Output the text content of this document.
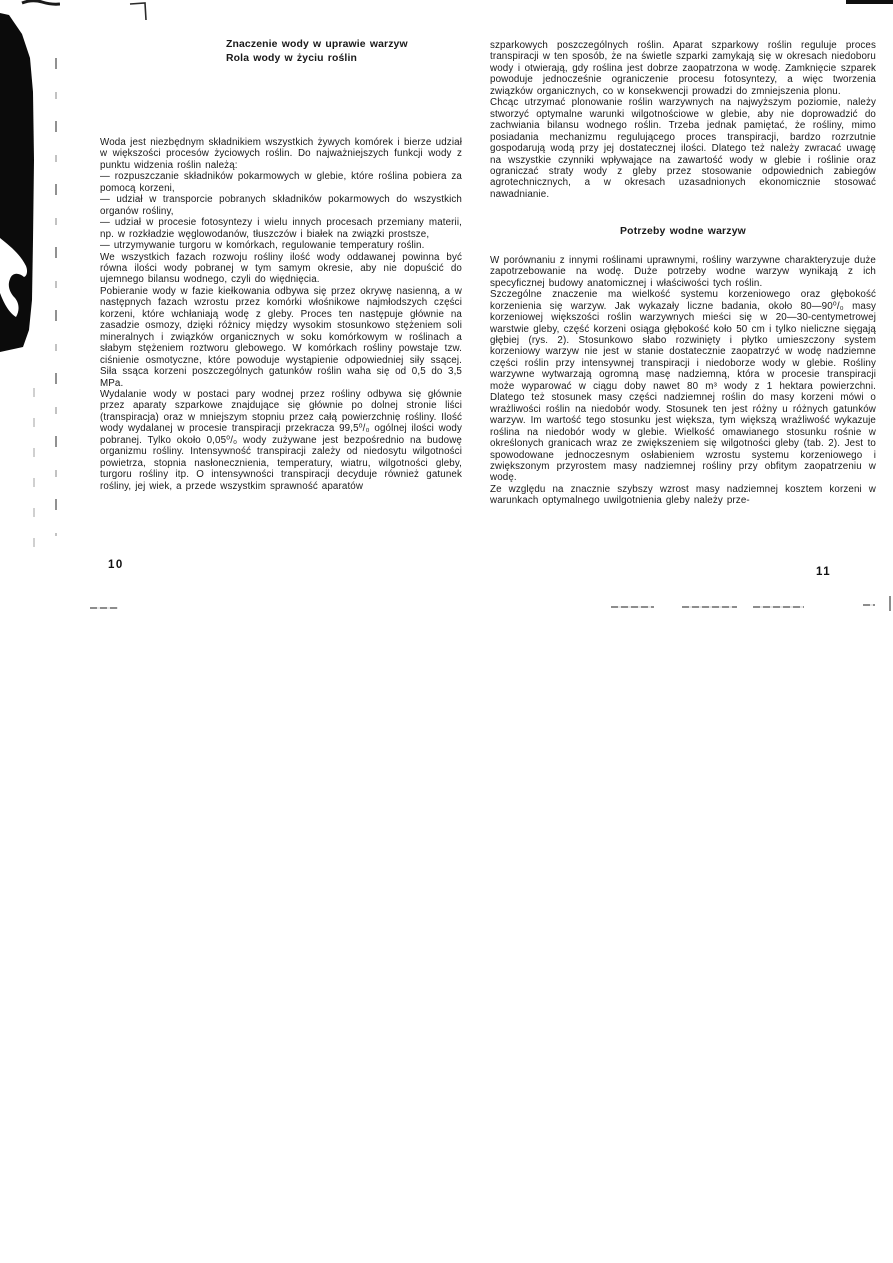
Znaczenie wody w uprawie warzyw
Rola wody w życiu roślin

Woda jest niezbędnym składnikiem wszystkich żywych komórek i bierze udział w większości procesów życiowych roślin. Do najważniejszych funkcji wody z punktu widzenia roślin należą:

— rozpuszczanie składników pokarmowych w glebie, które roślina pobiera za pomocą korzeni,

— udział w transporcie pobranych składników pokarmowych do wszystkich organów rośliny,

— udział w procesie fotosyntezy i wielu innych procesach przemiany materii, np. w rozkładzie węglowodanów, tłuszczów i białek na związki prostsze,

— utrzymywanie turgoru w komórkach, regulowanie temperatury roślin.

We wszystkich fazach rozwoju rośliny ilość wody oddawanej powinna być równa ilości wody pobranej w tym samym okresie, aby nie dopuścić do ujemnego bilansu wodnego, czyli do więdnięcia.

Pobieranie wody w fazie kiełkowania odbywa się przez okrywę nasienną, a w następnych fazach wzrostu przez komórki włośnikowe najmłodszych części korzeni, które wchłaniają wodę z gleby. Proces ten następuje głównie na zasadzie osmozy, dzięki różnicy między wysokim stosunkowo stężeniem soli mineralnych i związków organicznych w soku komórkowym w roślinach a słabym stężeniem roztworu glebowego. W komórkach rośliny powstaje tzw. ciśnienie osmotyczne, które powoduje wystąpienie odpowiedniej siły ssącej. Siła ssąca korzeni poszczególnych gatunków roślin waha się od 0,5 do 3,5 MPa.

Wydalanie wody w postaci pary wodnej przez rośliny odbywa się głównie przez aparaty szparkowe znajdujące się głównie po dolnej stronie liści (transpiracja) oraz w mniejszym stopniu przez całą powierzchnię rośliny. Ilość wody wydalanej w procesie transpiracji przekracza 99,5⁰/₀ ogólnej ilości wody pobranej. Tylko około 0,05⁰/₀ wody zużywane jest bezpośrednio na budowę organizmu rośliny. Intensywność transpiracji zależy od niedosytu wilgotności powietrza, stopnia nasłonecznienia, temperatury, wiatru, wilgotności gleby, turgoru rośliny itp. O intensywności transpiracji decyduje również gatunek rośliny, jej wiek, a przede wszystkim sprawność aparatów

10

szparkowych poszczególnych roślin. Aparat szparkowy roślin reguluje proces transpiracji w ten sposób, że na świetle szparki zamykają się w okresach niedoboru wody i otwierają, gdy roślina jest dobrze zaopatrzona w wodę. Zamknięcie szparek powoduje jednocześnie ograniczenie procesu fotosyntezy, a więc tworzenia związków organicznych, co w konsekwencji prowadzi do zmniejszenia plonu.

Chcąc utrzymać plonowanie roślin warzywnych na najwyższym poziomie, należy stworzyć optymalne warunki wilgotnościowe w glebie, aby nie doprowadzić do zachwiania bilansu wodnego roślin. Trzeba jednak pamiętać, że rośliny, mimo posiadania mechanizmu regulującego proces transpiracji, bardzo rozrzutnie gospodarują wodą przy jej dostatecznej ilości. Dlatego też należy zwracać uwagę na wszystkie czynniki wpływające na zawartość wody w glebie i roślinie oraz ograniczać straty wody z gleby przez stosowanie odpowiednich zabiegów agrotechnicznych, a w okresach uzasadnionych ekonomicznie stosować nawadnianie.

Potrzeby wodne warzyw

W porównaniu z innymi roślinami uprawnymi, rośliny warzywne charakteryzuje duże zapotrzebowanie na wodę. Duże potrzeby wodne warzyw wynikają z ich specyficznej budowy anatomicznej i właściwości tych roślin.

Szczególne znaczenie ma wielkość systemu korzeniowego oraz głębokość korzenienia się warzyw. Jak wykazały liczne badania, około 80—90⁰/₀ masy korzeniowej większości roślin warzywnych mieści się w 20—30-centymetrowej warstwie gleby, część korzeni osiąga głębokość koło 50 cm i tylko nieliczne sięgają głębiej (rys. 2). Stosunkowo słabo rozwinięty i płytko umieszczony system korzeniowy warzyw nie jest w stanie dostatecznie zaopatrzyć w wodę nadziemne części roślin przy intensywnej transpiracji i niedoborze wody w glebie. Rośliny warzywne wytwarzają ogromną masę nadziemną, która w procesie transpiracji może wyparować w ciągu doby nawet 80 m³ wody z 1 hektara powierzchni. Dlatego też stosunek masy części nadziemnej roślin do masy korzeni mówi o wrażliwości roślin na niedobór wody. Stosunek ten jest różny u różnych gatunków warzyw. Im wartość tego stosunku jest większa, tym większą wrażliwość wykazuje roślina na niedobór wody w glebie. Wielkość omawianego stosunku rośnie w określonych granicach wraz ze zwiększeniem się wilgotności gleby (tab. 2). Jest to spowodowane jednoczesnym osłabieniem wzrostu systemu korzeniowego i zwiększonym przyrostem masy nadziemnej rośliny przy obfitym zaopatrzeniu w wodę.

Ze względu na znacznie szybszy wzrost masy nadziemnej kosztem korzeni w warunkach optymalnego uwilgotnienia gleby należy prze-

11
